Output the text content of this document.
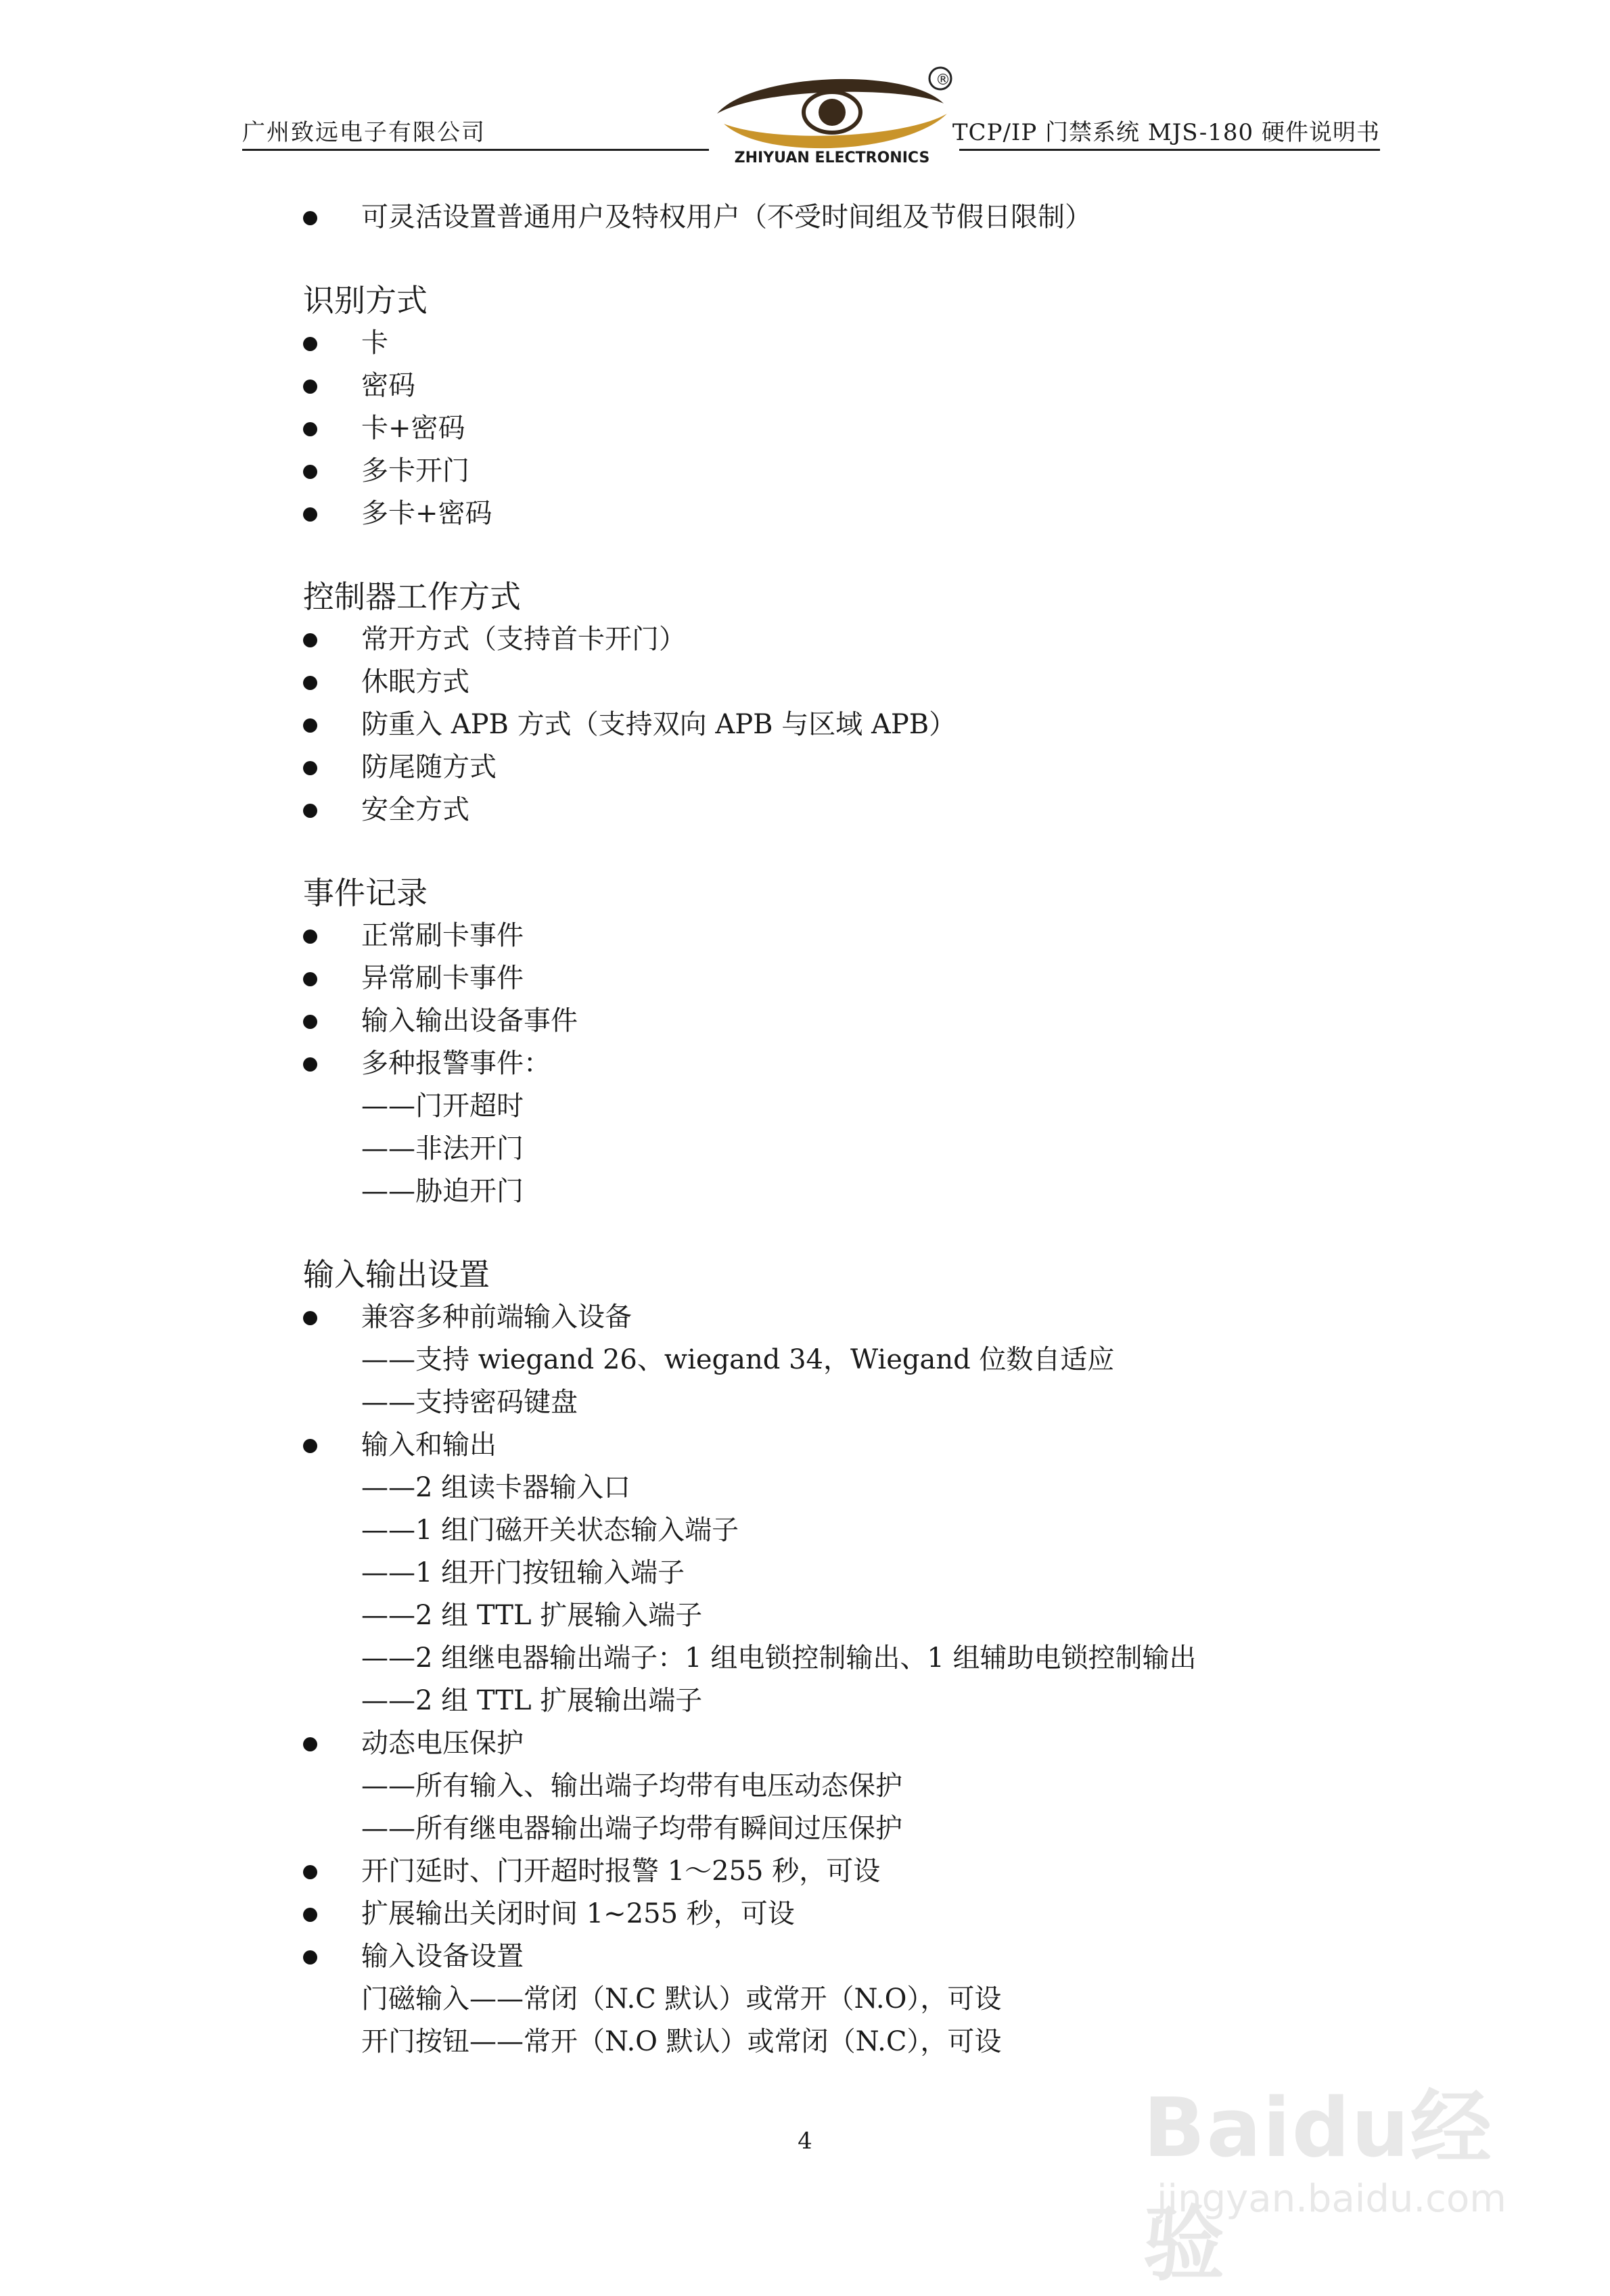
广州致远电子有限公司
®
ZHIYUAN ELECTRONICS
TCP/IP 门禁系统 MJS-180 硬件说明书
可灵活设置普通用户及特权用户（不受时间组及节假日限制）
识别方式
卡
密码
卡+密码
多卡开门
多卡+密码
控制器工作方式
常开方式（支持首卡开门）
休眠方式
防重入 APB 方式（支持双向 APB 与区域 APB）
防尾随方式
安全方式
事件记录
正常刷卡事件
异常刷卡事件
输入输出设备事件
多种报警事件：
——门开超时
——非法开门
——胁迫开门
输入输出设置
兼容多种前端输入设备
——支持 wiegand 26、wiegand 34，Wiegand 位数自适应
——支持密码键盘
输入和输出
——2 组读卡器输入口
——1 组门磁开关状态输入端子
——1 组开门按钮输入端子
——2 组 TTL 扩展输入端子
——2 组继电器输出端子：1 组电锁控制输出、1 组辅助电锁控制输出
——2 组 TTL 扩展输出端子
动态电压保护
——所有输入、输出端子均带有电压动态保护
——所有继电器输出端子均带有瞬间过压保护
开门延时、门开超时报警 1～255 秒，可设
扩展输出关闭时间 1~255 秒，可设
输入设备设置
门磁输入——常闭（N.C 默认）或常开（N.O），可设
开门按钮——常开（N.O 默认）或常闭（N.C），可设
4	Baidu经验
jingyan.baidu.com
